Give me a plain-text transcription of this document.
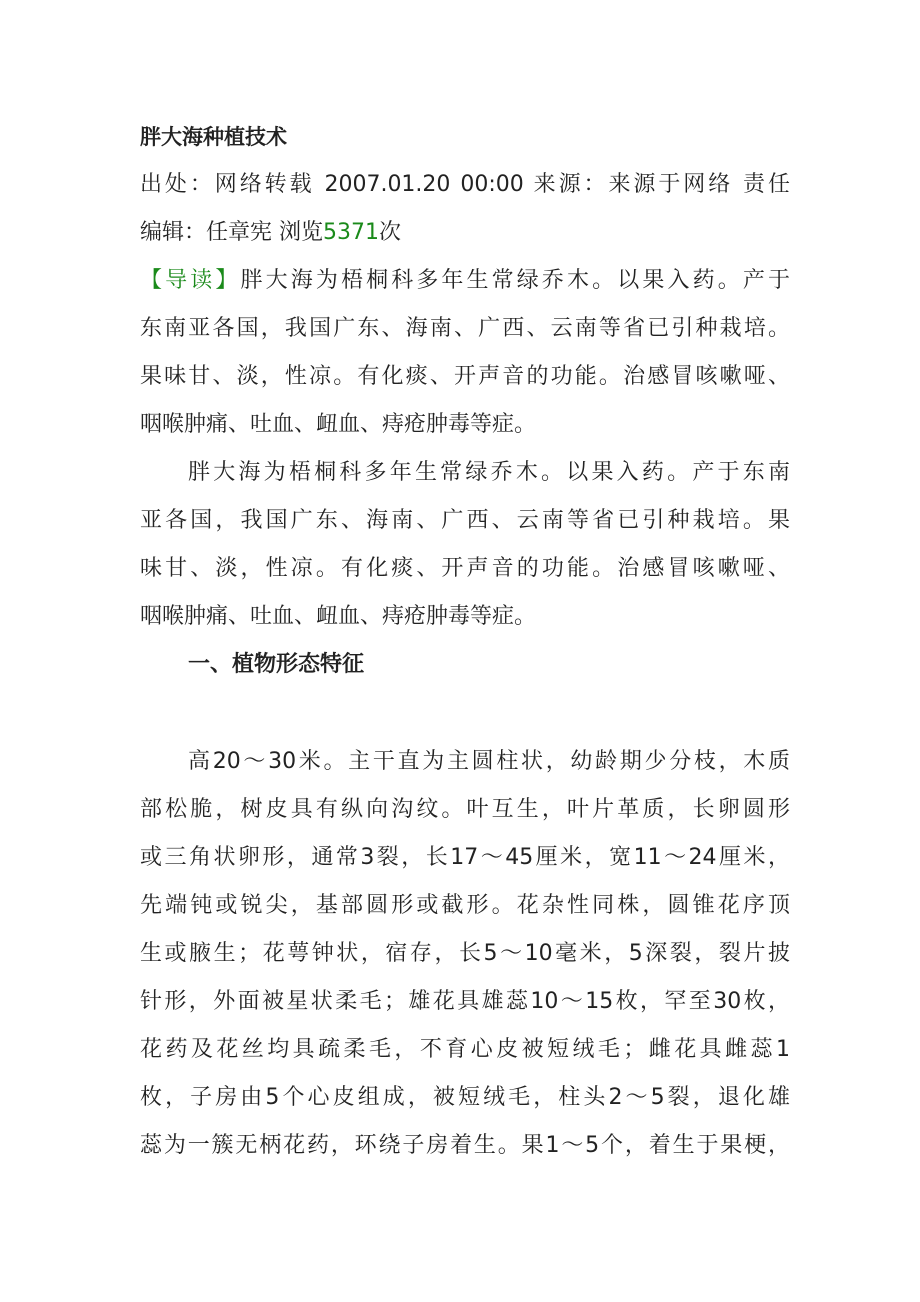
胖大海种植技术
出处：网络转载 2007.01.20 00:00 来源：来源于网络 责任
编辑：任章宪 浏览5371次
【导读】胖大海为梧桐科多年生常绿乔木。以果入药。产于
东南亚各国，我国广东、海南、广西、云南等省已引种栽培。
果味甘、淡，性凉。有化痰、开声音的功能。治感冒咳嗽哑、
咽喉肿痛、吐血、衄血、痔疮肿毒等症。
胖大海为梧桐科多年生常绿乔木。以果入药。产于东南
亚各国，我国广东、海南、广西、云南等省已引种栽培。果
味甘、淡，性凉。有化痰、开声音的功能。治感冒咳嗽哑、
咽喉肿痛、吐血、衄血、痔疮肿毒等症。
一、植物形态特征
高20～30米。主干直为主圆柱状，幼龄期少分枝，木质
部松脆，树皮具有纵向沟纹。叶互生，叶片革质，长卵圆形
或三角状卵形，通常3裂，长17～45厘米，宽11～24厘米，
先端钝或锐尖，基部圆形或截形。花杂性同株，圆锥花序顶
生或腋生；花萼钟状，宿存，长5～10毫米，5深裂，裂片披
针形，外面被星状柔毛；雄花具雄蕊10～15枚，罕至30枚，
花药及花丝均具疏柔毛，不育心皮被短绒毛；雌花具雌蕊1
枚，子房由5个心皮组成，被短绒毛，柱头2～5裂，退化雄
蕊为一簇无柄花药，环绕子房着生。果1～5个，着生于果梗，
